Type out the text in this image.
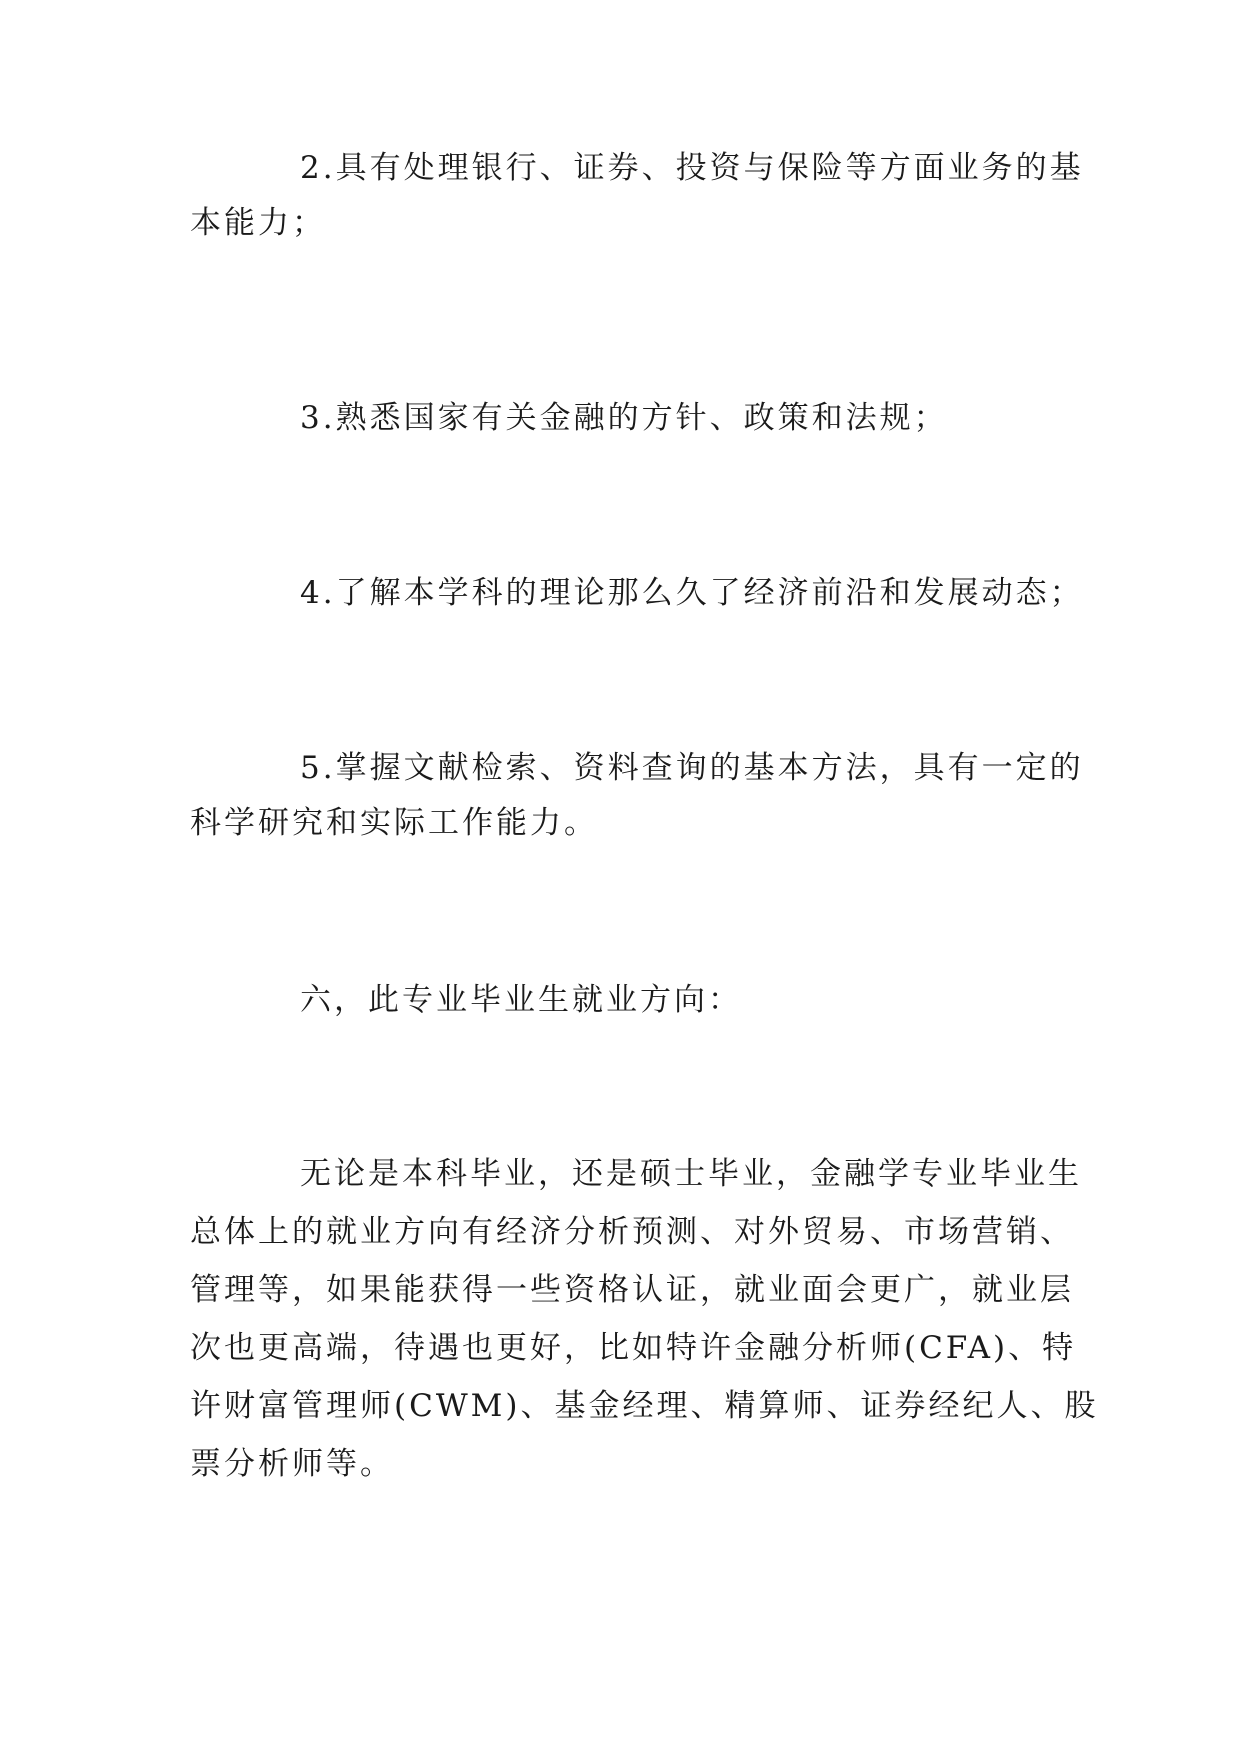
2.具有处理银行、证券、投资与保险等方面业务的基
本能力；
3.熟悉国家有关金融的方针、政策和法规；
4.了解本学科的理论那么久了经济前沿和发展动态；
5.掌握文献检索、资料查询的基本方法，具有一定的
科学研究和实际工作能力。
六，此专业毕业生就业方向：
无论是本科毕业，还是硕士毕业，金融学专业毕业生
总体上的就业方向有经济分析预测、对外贸易、市场营销、
管理等，如果能获得一些资格认证，就业面会更广，就业层
次也更高端，待遇也更好，比如特许金融分析师(CFA)、特
许财富管理师(CWM)、基金经理、精算师、证券经纪人、股
票分析师等。
